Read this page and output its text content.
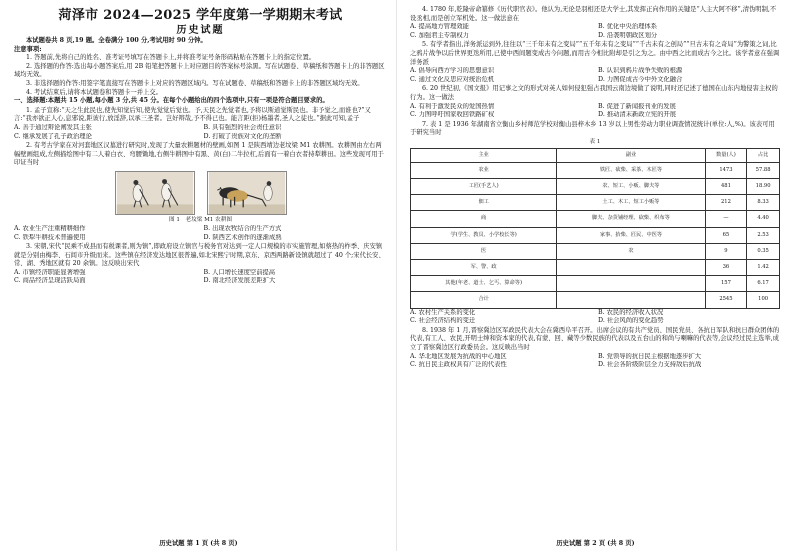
菏泽市 2024—2025 学年度第一学期期末考试
历史试题
本试题卷共 8 页,19 题。全卷满分 100 分,考试用时 90 分钟。
注意事项:
1. 答题前,先将自己的姓名、准考证号填写在答题卡上,并将准考证号条形码粘贴在答题卡上的指定位置。
2. 选择题的作答:选出每小题答案后,用 2B 铅笔把答题卡上对应题目的答案标号涂黑。写在试题卷、草稿纸和答题卡上的非答题区域均无效。
3. 非选择题的作答:用签字笔直接写在答题卡上对应的答题区域内。写在试题卷、草稿纸和答题卡上的非答题区域均无效。
4. 考试结束后,请将本试题卷和答题卡一并上交。
一、选择题:本题共 15 小题,每小题 3 分,共 45 分。在每个小题给出的四个选项中,只有一项是符合题目要求的。
1. 孟子宣称:“天之生此民也,使先知觉后知,使先觉觉后觉也。予,天民之先觉者也,予将以斯道觉斯民也。非予觉之,而谁也?”又言:“我亦欲正人心,息邪说,距诐行,放淫辞,以承三圣者。岂好辩哉,予不得已也。能言距(拒)杨墨者,圣人之徒也。”据此可知,孟子
A. 善于通过辩论阐发其主张	B. 具有强烈的社会责任意识
C. 继承发展了孔子政治理论	D. 打破了贵族对文化的垄断
2. 有考古学家在对河套地区汉墓进行研究时,发现了大量农耕题材的壁画,如图 1 是陕西靖边老坟梁 M1 农耕图。农耕图由左右两幅壁画组成,左侧描绘图中有二人着白衣、弯腰锄地,右侧牛耕图中有黑、黄(白)二牛拉杠,后面有一着白衣者持犁耕田。这些发现可用于印证当时
图 1　老坟梁 M1 农耕图
A. 农业生产注重精耕细作	B. 出现农牧结合的生产方式
C. 铁犁牛耕技术普遍使用	D. 陕西艺术创作的逐渐成熟
3. 宋朝,宋代“民乘不成县而有税课者,则为镇”,即政府设立镇官与税务官对达到一定人口规模的市实施管理,如蔡热的柞季、庆安镇就是分别由梅李、石闾市升级而来。这些镇在经济发达地区很普遍,如北宋熙宁时期,京东、京西两路新设镇就超过了 40 个;宋代长安、常、湖、秀地区就有 20 余镇。这反映出宋代
A. 市镇经济职能显著增强	B. 人口增长速度空前提高
C. 商品经济呈现活跃局面	D. 南北经济发展差距扩大
历史试题 第 1 页 (共 8 页)
4. 1780 年,乾隆帝命纂修《历代职官表》。他认为,无论是羽相还是大学士,其发挥正向作用的关键是“人主大阿不移”,清伪明制,不设丞相,而是创立军机处。这一做法意在
A. 提高地方管理效能	B. 优化中央治理体系
C. 加强君主专制权力	D. 沿袭明朝政区划分
5. 有学者指出,洋务派运到外,往往以“三千年未有之变局”“五千年未有之变局”“千古未有之创局”“旦古未有之奇局”为警策之词,比之鸦片战争以后世界更迭所用,已使中西间题变成古今问题,而用古今相比附却是引之为之。由中西之比而成古今之比。该学者意在强调洋务派
A. 倡导向西方学习的思想意识	B. 认识到鸦片战争失败的根源
C. 通过文化反思应对统治危机	D. 力图促成古今中外文化融合
6. 20 世纪初,《国文报》用记事之文的形式对英人如何侵犯强占我国云南边境做了说明,同时还记述了德国在山东内地侵害主权的行为。这一做法
A. 有利于激发民众的爱国热情	B. 促进了新闻报刊业的发展
C. 力图呼吁国家收回铁路矿权	D. 推动清末新政立宪的开展
7. 表 1 是 1936 年湖南省立衡山乡村师范学校对衡山县梓木乡 13 岁以上男性劳动力职业调查情况统计(单位:人,%)。该表可用于研究当时
表 1
主业	副业	数量(人)	占比
农业	铁匠、砍柴、采茶、木匠等	1473	57.88
工匠(手艺人)	农、短工、小贩、脚夫等	481	18.90
佃工	土工、木工、短工小贩等	212	8.33
商	脚夫、杂货铺经理、砍柴、织布等	—	4.40
学(学生、教员、小学校长等)	家事、抬柴、匠民、中医等	65	2.53
医	农	9	0.35
军、警、政		36	1.42
其他(年老、道士、乞丐、算命等)		157	6.17
合计		2545	100
A. 农村生产关系的变化	B. 农民的经济收入状况
C. 社会经济结构的变迁	D. 社会风尚的变化趋势
8. 1938 年 1 月,晋察冀边区军政民代表大会在冀西阜平召开。出席会议的有共产党员、国民党员、各抗日军队和抗日群众团体的代表,有工人、农民,开明士绅和资本家的代表,有蒙、回、藏等少数民族的代表以及五台山的和尚与喇嘛的代表等,会议经过民主选举,成立了晋察冀边区行政委员会。这反映出当时
A. 华北地区发展为抗战的中心地区	B. 党领导的抗日民主根据地逐步扩大
C. 抗日民主政权具有广泛的代表性	D. 社会各阶级阶层全力支持敌后抗战
历史试题 第 2 页 (共 8 页)
